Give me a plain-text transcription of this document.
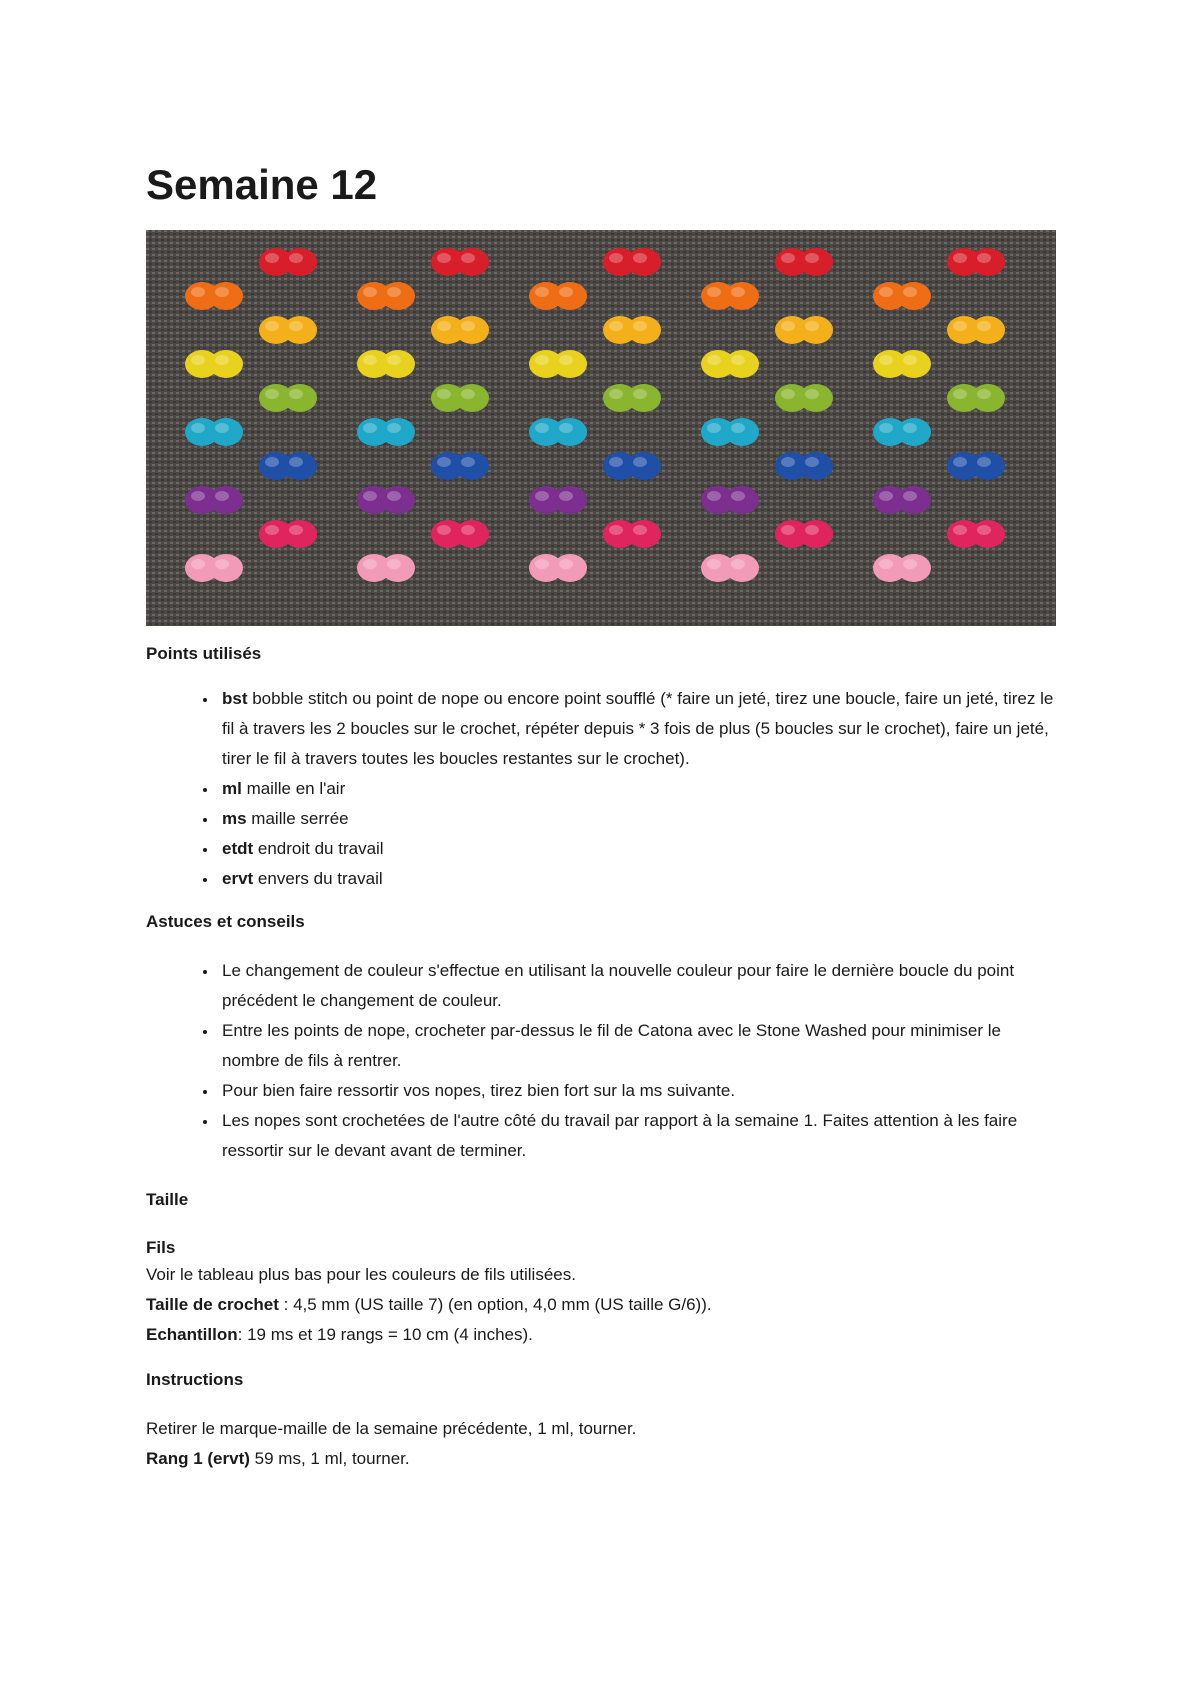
Semaine 12
Points utilisés
• bst bobble stitch ou point de nope ou encore point soufflé (* faire un jeté, tirez une boucle, faire un jeté, tirez le fil à travers les 2 boucles sur le crochet, répéter depuis * 3 fois de plus (5 boucles sur le crochet), faire un jeté, tirer le fil à travers toutes les boucles restantes sur le crochet).
• ml maille en l'air
• ms maille serrée
• etdt endroit du travail
• ervt envers du travail
Astuces et conseils
• Le changement de couleur s'effectue en utilisant la nouvelle couleur pour faire le dernière boucle du point précédent le changement de couleur.
• Entre les points de nope, crocheter par-dessus le fil de Catona avec le Stone Washed pour minimiser le nombre de fils à rentrer.
• Pour bien faire ressortir vos nopes, tirez bien fort sur la ms suivante.
• Les nopes sont crochetées de l'autre côté du travail par rapport à la semaine 1. Faites attention à les faire ressortir sur le devant avant de terminer.
Taille
Fils

Voir le tableau plus bas pour les couleurs de fils utilisées.

Taille de crochet : 4,5 mm (US taille 7) (en option, 4,0 mm (US taille G/6)).

Echantillon: 19 ms et 19 rangs = 10 cm (4 inches).

Instructions

Retirer le marque-maille de la semaine précédente, 1 ml, tourner.

Rang 1 (ervt) 59 ms, 1 ml, tourner.
